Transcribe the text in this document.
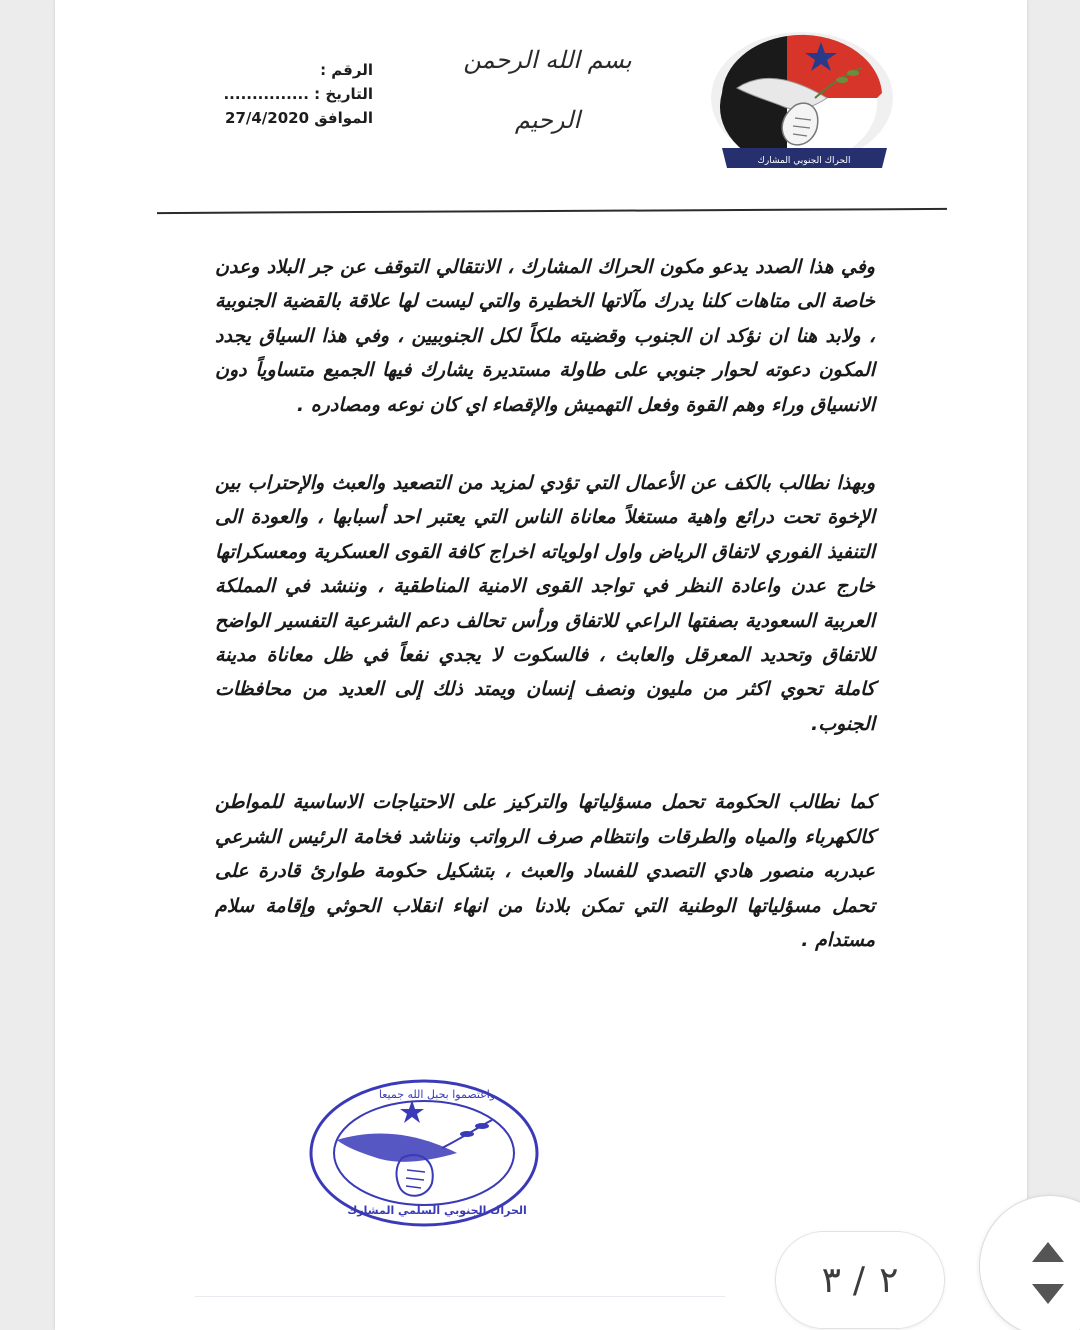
الرقم :
التاريخ : ...............
الموافق 27/4/2020
بسم الله الرحمن الرحيم
الحراك الجنوبي المشارك

وفي هذا الصدد يدعو مكون الحراك المشارك ، الانتقالي التوقف عن جر البلاد وعدن خاصة الى متاهات كلنا يدرك مآلاتها الخطيرة والتي ليست لها علاقة بالقضية الجنوبية ، ولابد هنا ان نؤكد ان الجنوب وقضيته ملكاً لكل الجنوبيين ، وفي هذا السياق يجدد المكون دعوته لحوار جنوبي على طاولة مستديرة يشارك فيها الجميع متساوياً دون الانسياق وراء وهم القوة وفعل التهميش والإقصاء اي كان نوعه ومصادره .

وبهذا نطالب بالكف عن الأعمال التي تؤدي لمزيد من التصعيد والعبث والإحتراب بين الإخوة تحت درائع واهية مستغلاً معاناة الناس التي يعتبر احد أسبابها ، والعودة الى التنفيذ الفوري لاتفاق الرياض واول اولوياته اخراج كافة القوى العسكرية ومعسكراتها خارج عدن واعادة النظر في تواجد القوى الامنية المناطقية ، وننشد في المملكة العربية السعودية بصفتها الراعي للاتفاق ورأس تحالف دعم الشرعية التفسير الواضح للاتفاق وتحديد المعرقل والعابث ، فالسكوت لا يجدي نفعاً في ظل معاناة مدينة كاملة تحوي اكثر من مليون ونصف إنسان ويمتد ذلك إلى العديد من محافظات الجنوب.

كما نطالب الحكومة تحمل مسؤلياتها والتركيز على الاحتياجات الاساسية للمواطن كالكهرباء والمياه والطرقات وانتظام صرف الرواتب ونناشد فخامة الرئيس الشرعي عبدربه منصور هادي التصدي للفساد والعبث ، بتشكيل حكومة طوارئ قادرة على تحمل مسؤلياتها الوطنية التي تمكن بلادنا من انهاء انقلاب الحوثي وإقامة سلام مستدام .

واعتصموا بحبل الله جميعا
الحراك الجنوبي السلمي المشارك
٣ / ٢
